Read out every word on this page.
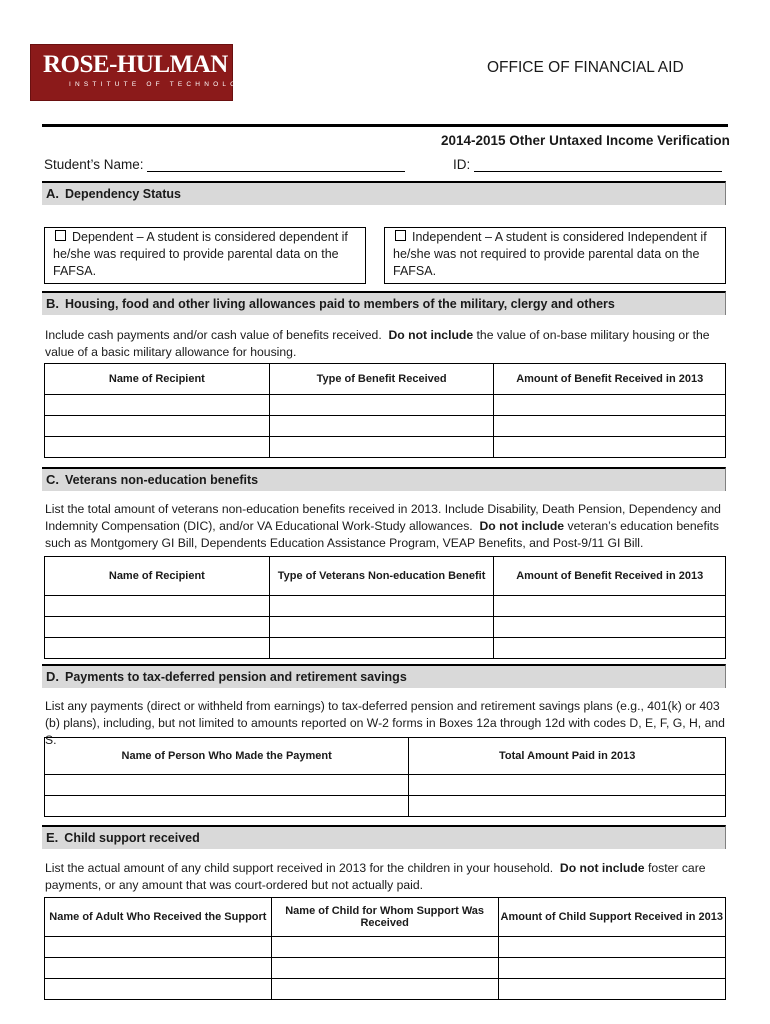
ROSE-HULMAN
INSTITUTE OF TECHNOLOGY
OFFICE OF FINANCIAL AID
2014-2015 Other Untaxed Income Verification
Student’s Name:	ID:
A. Dependency Status
Dependent – A student is considered dependent if he/she was required to provide parental data on the FAFSA.
Independent – A student is considered Independent if he/she was not required to provide parental data on the FAFSA.
B. Housing, food and other living allowances paid to members of the military, clergy and others
Include cash payments and/or cash value of benefits received. Do not include the value of on-base military housing or the value of a basic military allowance for housing.
Name of Recipient	Type of Benefit Received	Amount of Benefit Received in 2013

C. Veterans non-education benefits
List the total amount of veterans non-education benefits received in 2013. Include Disability, Death Pension, Dependency and Indemnity Compensation (DIC), and/or VA Educational Work-Study allowances. Do not include veteran’s education benefits such as Montgomery GI Bill, Dependents Education Assistance Program, VEAP Benefits, and Post-9/11 GI Bill.
Name of Recipient	Type of Veterans Non-education Benefit	Amount of Benefit Received in 2013

D. Payments to tax-deferred pension and retirement savings
List any payments (direct or withheld from earnings) to tax-deferred pension and retirement savings plans (e.g., 401(k) or 403 (b) plans), including, but not limited to amounts reported on W-2 forms in Boxes 12a through 12d with codes D, E, F, G, H, and S.
Name of Person Who Made the Payment	Total Amount Paid in 2013

E. Child support received
List the actual amount of any child support received in 2013 for the children in your household. Do not include foster care payments, or any amount that was court-ordered but not actually paid.
Name of Adult Who Received the Support	Name of Child for Whom Support Was Received	Amount of Child Support Received in 2013
